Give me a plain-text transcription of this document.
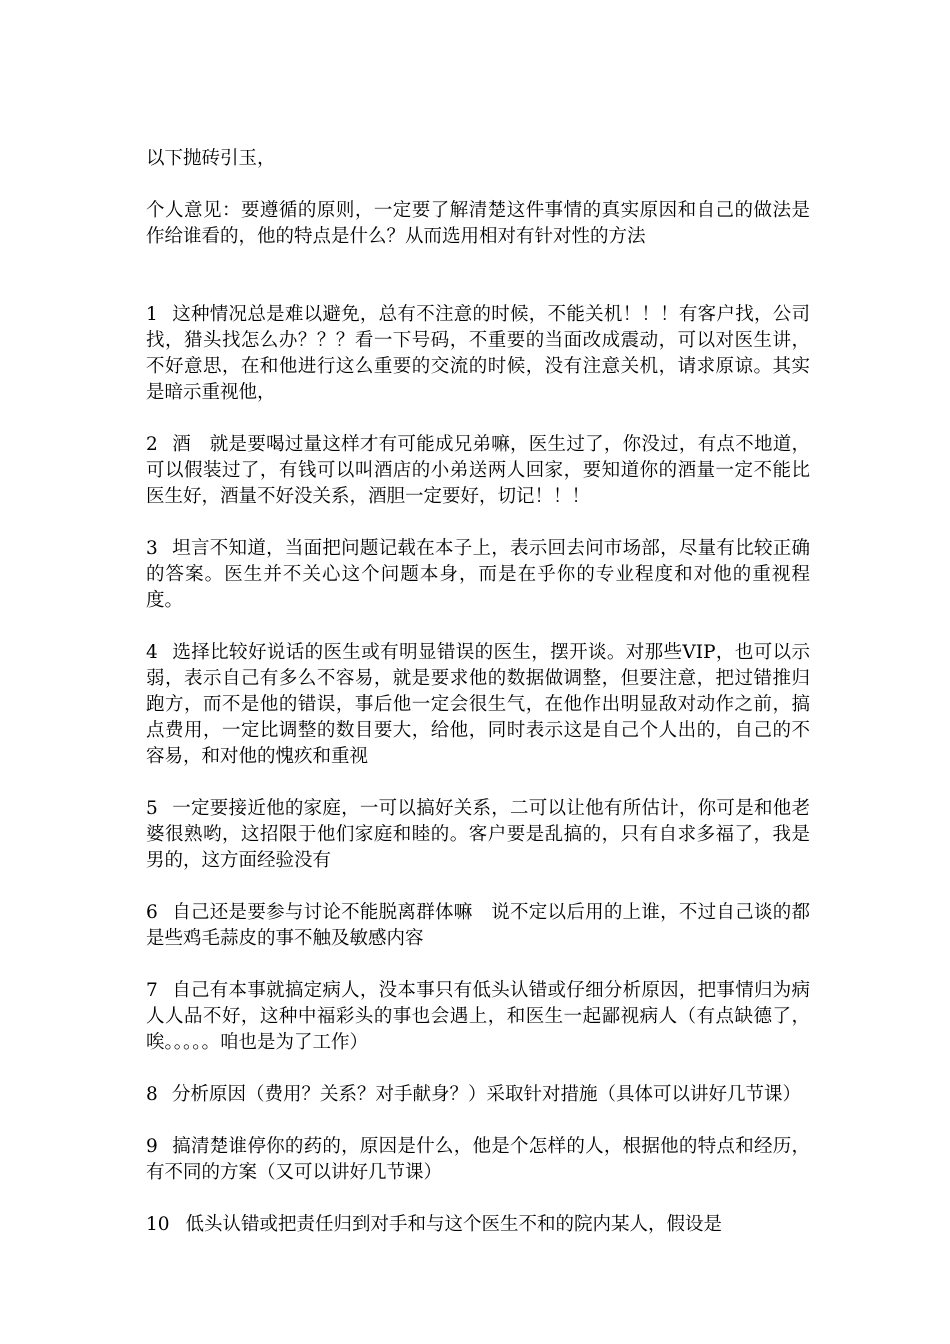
以下抛砖引玉，

个人意见：要遵循的原则，一定要了解清楚这件事情的真实原因和自己的做法是作给谁看的，他的特点是什么？从而选用相对有针对性的方法

1 这种情况总是难以避免，总有不注意的时候，不能关机！！！有客户找，公司找，猎头找怎么办？？？看一下号码，不重要的当面改成震动，可以对医生讲，不好意思，在和他进行这么重要的交流的时候，没有注意关机，请求原谅。其实是暗示重视他，

2 酒　就是要喝过量这样才有可能成兄弟嘛，医生过了，你没过，有点不地道，可以假装过了，有钱可以叫酒店的小弟送两人回家，要知道你的酒量一定不能比医生好，酒量不好没关系，酒胆一定要好，切记！！！

3 坦言不知道，当面把问题记载在本子上，表示回去问市场部，尽量有比较正确的答案。医生并不关心这个问题本身，而是在乎你的专业程度和对他的重视程度。

4 选择比较好说话的医生或有明显错误的医生，摆开谈。对那些VIP，也可以示弱，表示自己有多么不容易，就是要求他的数据做调整，但要注意，把过错推归跑方，而不是他的错误，事后他一定会很生气，在他作出明显敌对动作之前，搞点费用，一定比调整的数目要大，给他，同时表示这是自己个人出的，自己的不容易，和对他的愧疚和重视

5 一定要接近他的家庭，一可以搞好关系，二可以让他有所估计，你可是和他老婆很熟哟，这招限于他们家庭和睦的。客户要是乱搞的，只有自求多福了，我是男的，这方面经验没有

6 自己还是要参与讨论不能脱离群体嘛　说不定以后用的上谁，不过自己谈的都是些鸡毛蒜皮的事不触及敏感内容

7 自己有本事就搞定病人，没本事只有低头认错或仔细分析原因，把事情归为病人人品不好，这种中福彩头的事也会遇上，和医生一起鄙视病人（有点缺德了，唉。。。。。咱也是为了工作）

8 分析原因（费用？关系？对手献身？）采取针对措施（具体可以讲好几节课）

9 搞清楚谁停你的药的，原因是什么，他是个怎样的人，根据他的特点和经历，有不同的方案（又可以讲好几节课）

10 低头认错或把责任归到对手和与这个医生不和的院内某人，假设是
